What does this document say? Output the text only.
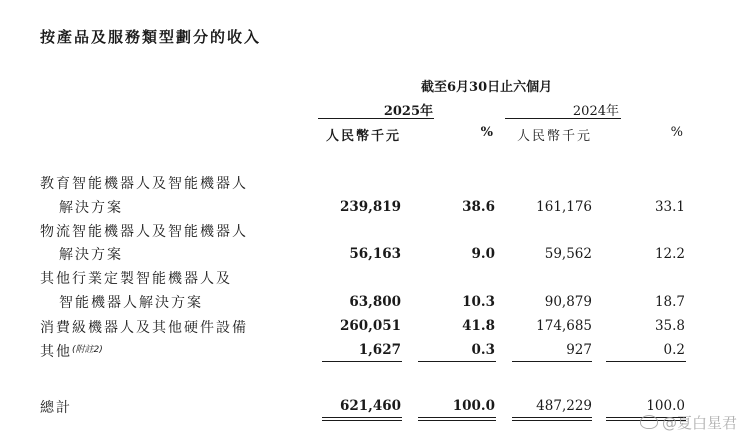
按產品及服務類型劃分的收入
截至6月30日止六個月
2025年	2024年
人民幣千元	% 人民幣千元	%
教育智能機器人及智能機器人
解決方案	239,819	38.6	161,176	33.1
物流智能機器人及智能機器人
解決方案	56,163	9.0	59,562	12.2
其他行業定製智能機器人及
智能機器人解決方案	63,800	10.3	90,879	18.7
消費級機器人及其他硬件設備	260,051	41.8	174,685	35.8
其他$^{(附註2)}$	1,627	0.3	927	0.2
總計	621,460	100.0	487,229	100.0
@夏白星君
